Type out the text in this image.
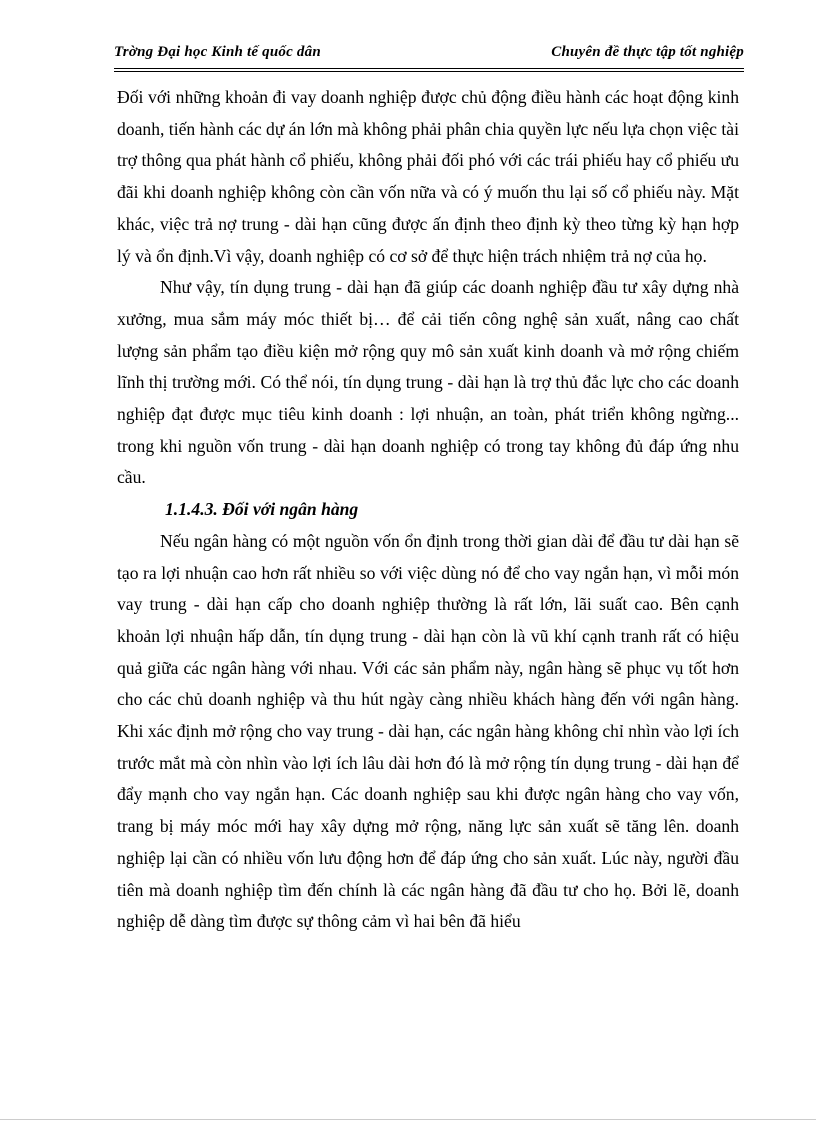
Trờng Đại học Kinh tế quốc dân	Chuyên đề thực tập tốt nghiệp

Đối với những khoản đi vay doanh nghiệp được chủ động điều hành các hoạt động kinh doanh, tiến hành các dự án lớn mà không phải phân chia quyền lực nếu lựa chọn việc tài trợ thông qua phát hành cổ phiếu, không phải đối phó với các trái phiếu hay cổ phiếu ưu đãi khi doanh nghiệp không còn cần vốn nữa và có ý muốn thu lại số cổ phiếu này. Mặt khác, việc trả nợ trung - dài hạn cũng được ấn định theo định kỳ theo từng kỳ hạn hợp lý và ổn định.Vì vậy, doanh nghiệp có cơ sở để thực hiện trách nhiệm trả nợ của họ.

Như vậy, tín dụng trung - dài hạn đã giúp các doanh nghiệp đầu tư xây dựng nhà xưởng, mua sắm máy móc thiết bị… để cải tiến công nghệ sản xuất, nâng cao chất lượng sản phẩm tạo điều kiện mở rộng quy mô sản xuất kinh doanh và mở rộng chiếm lĩnh thị trường mới. Có thể nói, tín dụng trung - dài hạn là trợ thủ đắc lực cho các doanh nghiệp đạt được mục tiêu kinh doanh : lợi nhuận, an toàn, phát triển không ngừng... trong khi nguồn vốn trung - dài hạn doanh nghiệp có trong tay không đủ đáp ứng nhu cầu.

1.1.4.3. Đối với ngân hàng

Nếu ngân hàng có một nguồn vốn ổn định trong thời gian dài để đầu tư dài hạn sẽ tạo ra lợi nhuận cao hơn rất nhiều so với việc dùng nó để cho vay ngắn hạn, vì mỗi món vay trung - dài hạn cấp cho doanh nghiệp thường là rất lớn, lãi suất cao. Bên cạnh khoản lợi nhuận hấp dẫn, tín dụng trung - dài hạn còn là vũ khí cạnh tranh rất có hiệu quả giữa các ngân hàng với nhau. Với các sản phẩm này, ngân hàng sẽ phục vụ tốt hơn cho các chủ doanh nghiệp và thu hút ngày càng nhiều khách hàng đến với ngân hàng. Khi xác định mở rộng cho vay trung - dài hạn, các ngân hàng không chỉ nhìn vào lợi ích trước mắt mà còn nhìn vào lợi ích lâu dài hơn đó là mở rộng tín dụng trung - dài hạn để đẩy mạnh cho vay ngắn hạn. Các doanh nghiệp sau khi được ngân hàng cho vay vốn, trang bị máy móc mới hay xây dựng mở rộng, năng lực sản xuất sẽ tăng lên. doanh nghiệp lại cần có nhiều vốn lưu động hơn để đáp ứng cho sản xuất. Lúc này, người đầu tiên mà doanh nghiệp tìm đến chính là các ngân hàng đã đầu tư cho họ. Bởi lẽ, doanh nghiệp dễ dàng tìm được sự thông cảm vì hai bên đã hiểu
